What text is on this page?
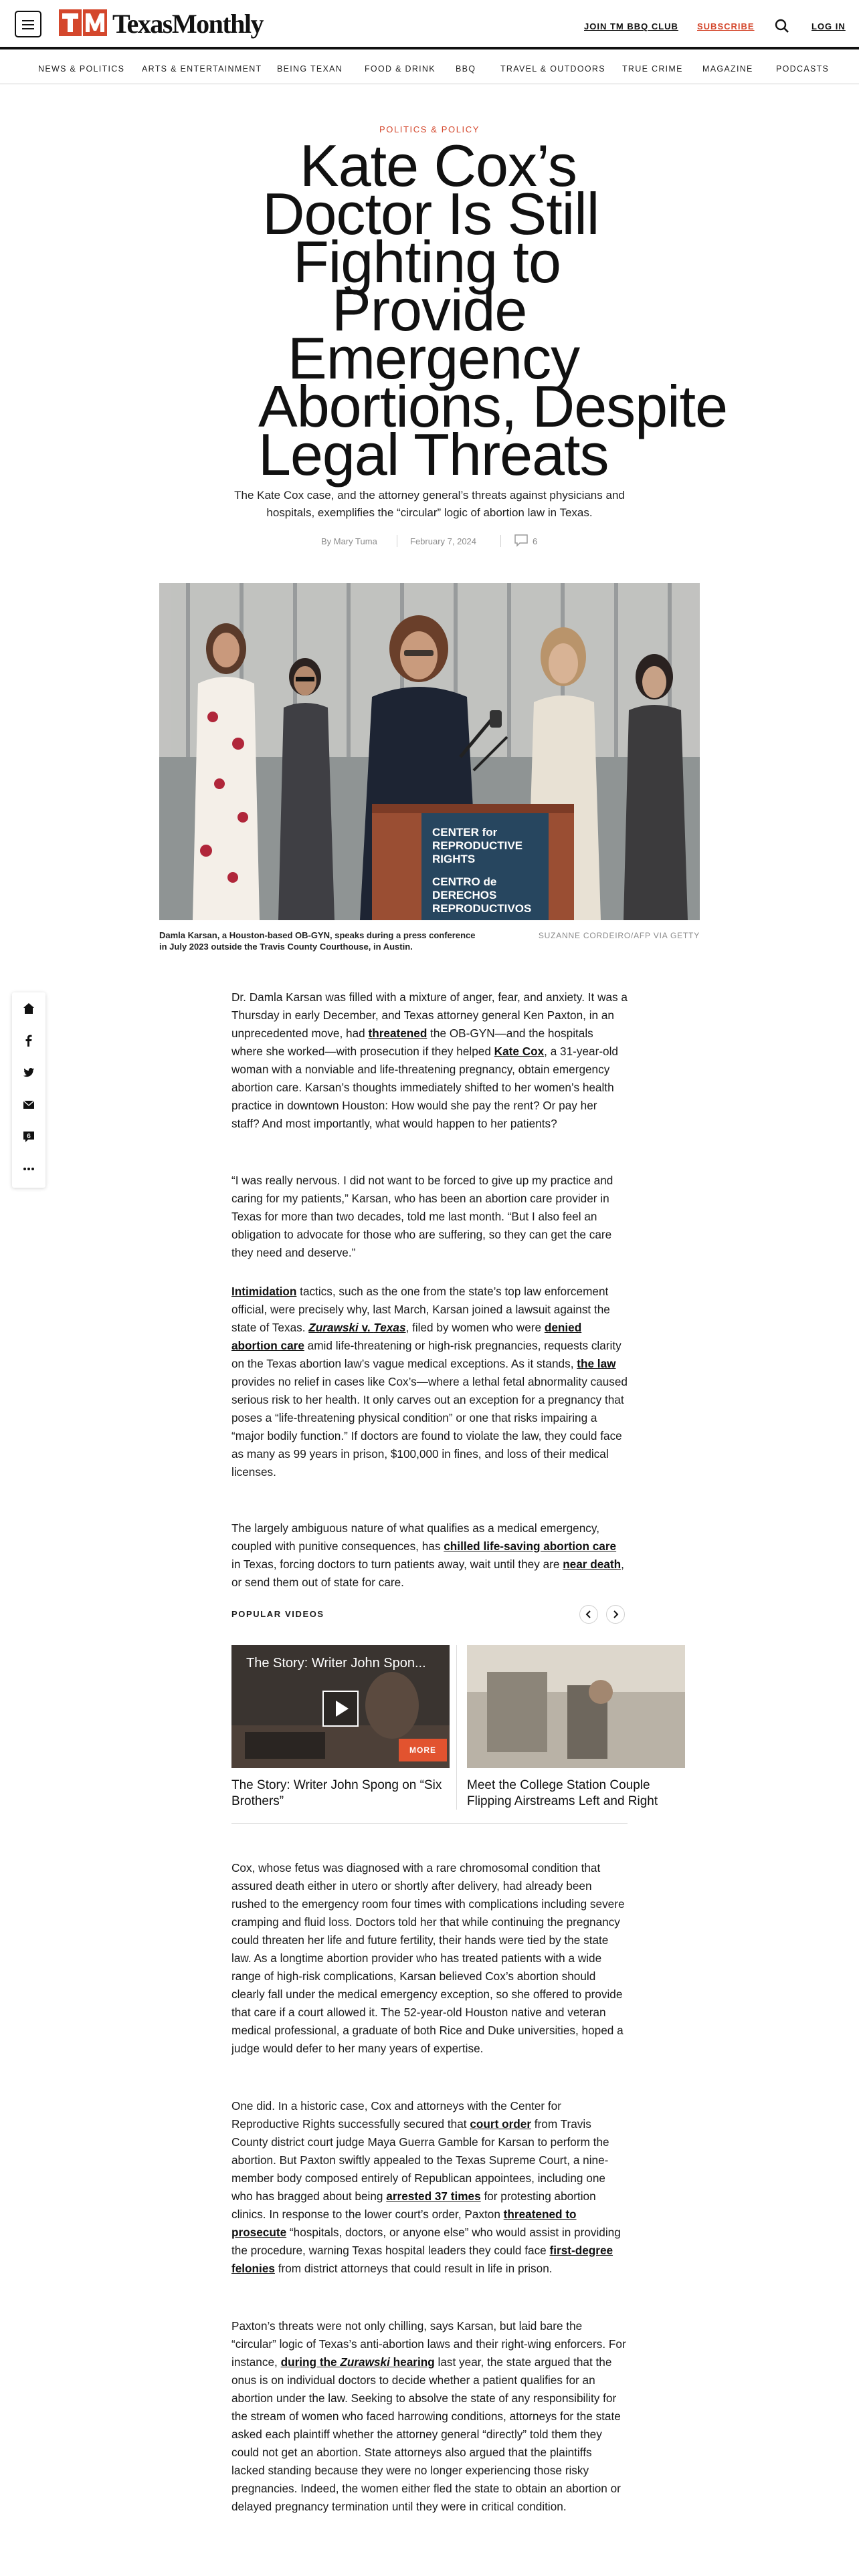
TexasMonthly	JOIN TM BBQ CLUB SUBSCRIBE	LOG IN
NEWS & POLITICS ARTS & ENTERTAINMENT BEING TEXAN	FOOD & DRINK BBQ	TRAVEL & OUTDOORS TRUE CRIME MAGAZINE	PODCASTS
POLITICS & POLICY
Kate Cox’s
Doctor Is Still
Fighting to
Provide
Emergency
Abortions, Despite
Legal Threats

The Kate Cox case, and the attorney general’s threats against physicians and hospitals, exemplifies the “circular” logic of abortion law in Texas.

By Mary Tuma	February 7, 2024	6
CENTER for
REPRODUCTIVE
RIGHTS
CENTRO de
DERECHOS
REPRODUCTIVOS
Damla Karsan, a Houston-based OB-GYN, speaks during a press conference in July 2023 outside the Travis County Courthouse, in Austin.
SUZANNE CORDEIRO/AFP VIA GETTY
6

Dr. Damla Karsan was filled with a mixture of anger, fear, and anxiety. It was a Thursday in early December, and Texas attorney general Ken Paxton, in an unprecedented move, had threatened the OB-GYN—and the hospitals where she worked—with prosecution if they helped Kate Cox, a 31-year-old woman with a nonviable and life-threatening pregnancy, obtain emergency abortion care. Karsan’s thoughts immediately shifted to her women’s health practice in downtown Houston: How would she pay the rent? Or pay her staff? And most importantly, what would happen to her patients?

“I was really nervous. I did not want to be forced to give up my practice and caring for my patients,” Karsan, who has been an abortion care provider in Texas for more than two decades, told me last month. “But I also feel an obligation to advocate for those who are suffering, so they can get the care they need and deserve.”

Intimidation tactics, such as the one from the state’s top law enforcement official, were precisely why, last March, Karsan joined a lawsuit against the state of Texas. Zurawski v. Texas, filed by women who were denied abortion care amid life-threatening or high-risk pregnancies, requests clarity on the Texas abortion law’s vague medical exceptions. As it stands, the law provides no relief in cases like Cox’s—where a lethal fetal abnormality caused serious risk to her health. It only carves out an exception for a pregnancy that poses a “life-threatening physical condition” or one that risks impairing a “major bodily function.” If doctors are found to violate the law, they could face as many as 99 years in prison, $100,000 in fines, and loss of their medical licenses.

The largely ambiguous nature of what qualifies as a medical emergency, coupled with punitive consequences, has chilled life-saving abortion care in Texas, forcing doctors to turn patients away, wait until they are near death, or send them out of state for care.

POPULAR VIDEOS
The Story: Writer John Spon...
MORE
The Story: Writer John Spong on “Six Brothers”
Meet the College Station Couple Flipping Airstreams Left and Right

Cox, whose fetus was diagnosed with a rare chromosomal condition that assured death either in utero or shortly after delivery, had already been rushed to the emergency room four times with complications including severe cramping and fluid loss. Doctors told her that while continuing the pregnancy could threaten her life and future fertility, their hands were tied by the state law. As a longtime abortion provider who has treated patients with a wide range of high-risk complications, Karsan believed Cox’s abortion should clearly fall under the medical emergency exception, so she offered to provide that care if a court allowed it. The 52-year-old Houston native and veteran medical professional, a graduate of both Rice and Duke universities, hoped a judge would defer to her many years of expertise.

One did. In a historic case, Cox and attorneys with the Center for Reproductive Rights successfully secured that court order from Travis County district court judge Maya Guerra Gamble for Karsan to perform the abortion. But Paxton swiftly appealed to the Texas Supreme Court, a nine-member body composed entirely of Republican appointees, including one who has bragged about being arrested 37 times for protesting abortion clinics. In response to the lower court’s order, Paxton threatened to prosecute “hospitals, doctors, or anyone else” who would assist in providing the procedure, warning Texas hospital leaders they could face first-degree felonies from district attorneys that could result in life in prison.

Paxton’s threats were not only chilling, says Karsan, but laid bare the “circular” logic of Texas’s anti-abortion laws and their right-wing enforcers. For instance, during the Zurawski hearing last year, the state argued that the onus is on individual doctors to decide whether a patient qualifies for an abortion under the law. Seeking to absolve the state of any responsibility for the stream of women who faced harrowing conditions, attorneys for the state asked each plaintiff whether the attorney general “directly” told them they could not get an abortion. State attorneys also argued that the plaintiffs lacked standing because they were no longer experiencing those risky pregnancies. Indeed, the women either fled the state to obtain an abortion or delayed pregnancy termination until they were in critical condition.
